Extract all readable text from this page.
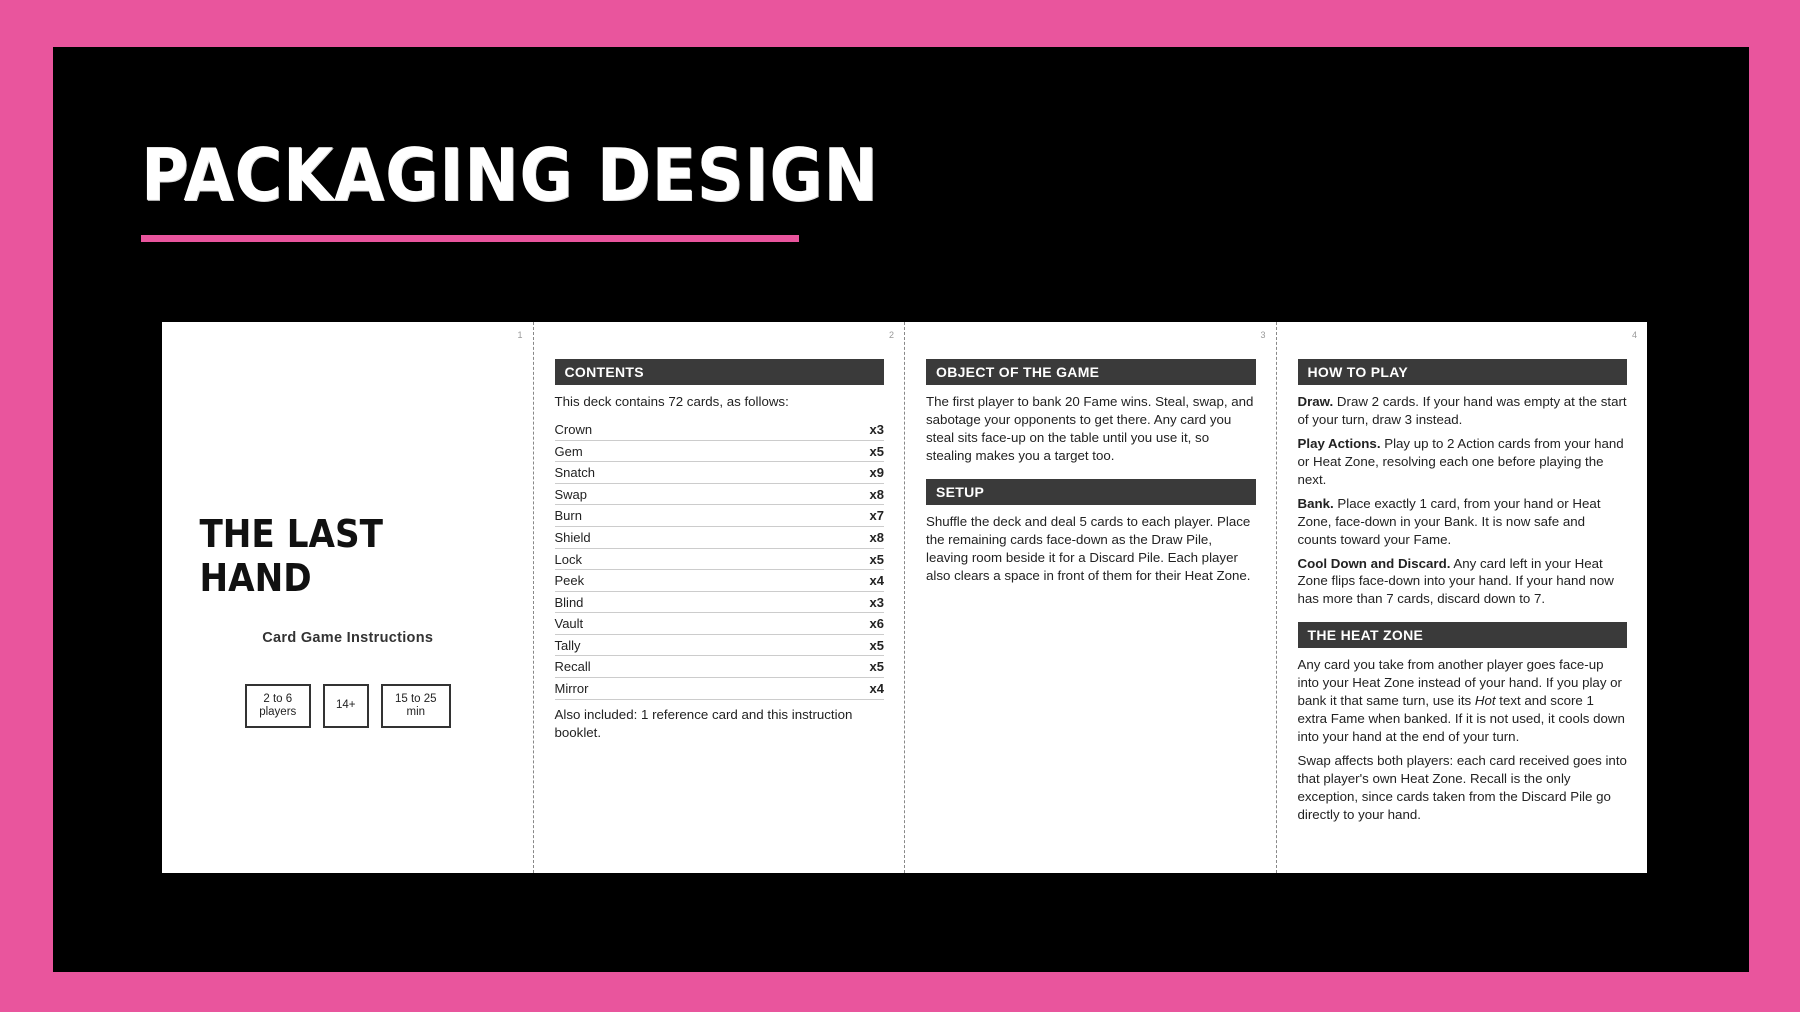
PACKAGING DESIGN
1
THE LAST HAND
Card Game Instructions
2 to 6 players
14+
15 to 25 min
2
CONTENTS

This deck contains 72 cards, as follows:

Crown	x3
Gem	x5
Snatch	x9
Swap	x8
Burn	x7
Shield	x8
Lock	x5
Peek	x4
Blind	x3
Vault	x6
Tally	x5
Recall	x5
Mirror	x4

Also included: 1 reference card and this instruction booklet.

3
OBJECT OF THE GAME

The first player to bank 20 Fame wins. Steal, swap, and sabotage your opponents to get there. Any card you steal sits face-up on the table until you use it, so stealing makes you a target too.

SETUP

Shuffle the deck and deal 5 cards to each player. Place the remaining cards face-down as the Draw Pile, leaving room beside it for a Discard Pile. Each player also clears a space in front of them for their Heat Zone.

4
HOW TO PLAY

Draw. Draw 2 cards. If your hand was empty at the start of your turn, draw 3 instead.

Play Actions. Play up to 2 Action cards from your hand or Heat Zone, resolving each one before playing the next.

Bank. Place exactly 1 card, from your hand or Heat Zone, face-down in your Bank. It is now safe and counts toward your Fame.

Cool Down and Discard. Any card left in your Heat Zone flips face-down into your hand. If your hand now has more than 7 cards, discard down to 7.

THE HEAT ZONE

Any card you take from another player goes face-up into your Heat Zone instead of your hand. If you play or bank it that same turn, use its Hot text and score 1 extra Fame when banked. If it is not used, it cools down into your hand at the end of your turn.

Swap affects both players: each card received goes into that player's own Heat Zone. Recall is the only exception, since cards taken from the Discard Pile go directly to your hand.
